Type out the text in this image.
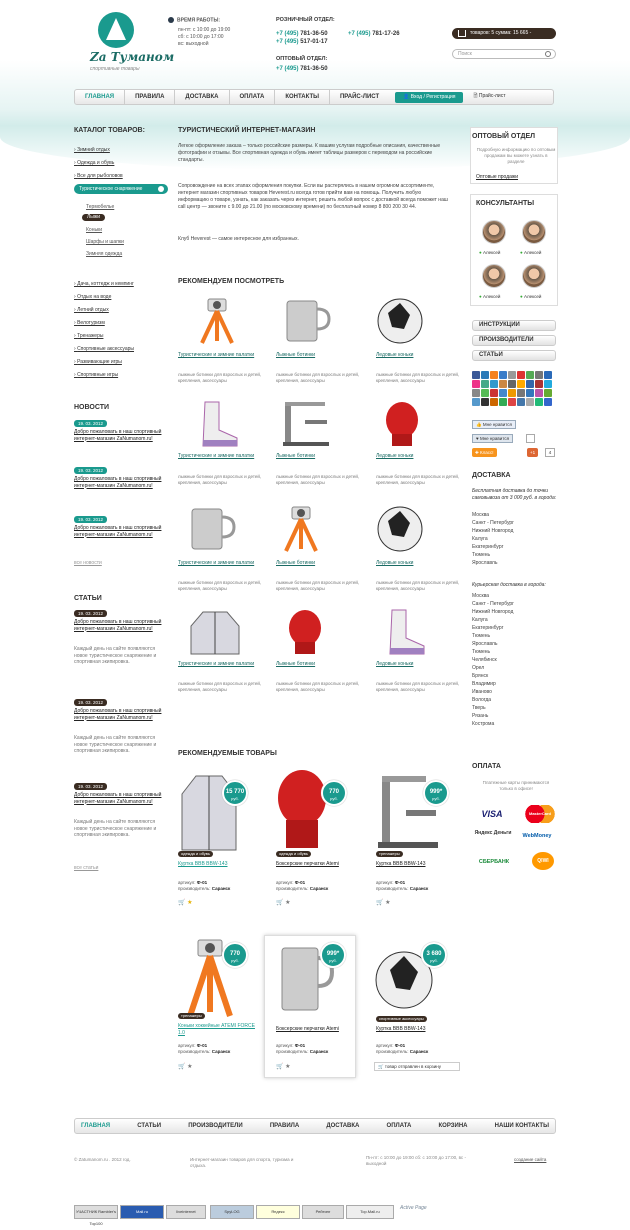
Za Туманом
спортивные товары
ВРЕМЯ РАБОТЫ:
пн-пт: с 10:00 до 19:00
сб: с 10:00 до 17:00
вс: выходной
РОЗНИЧНЫЙ ОТДЕЛ:
+7 (495) 781-36-50
+7 (495) 517-01-17
+7 (495) 781-17-26
ОПТОВЫЙ ОТДЕЛ:
+7 (495) 781-36-50
товаров: 5 сумма: 15 665 -
Поиск
ГЛАВНАЯ	ПРАВИЛА	ДОСТАВКА	ОПЛАТА	КОНТАКТЫ	ПРАЙС-ЛИСТ	👤 Вход / Регистрация	🗎 Прайс-лист
КАТАЛОГ ТОВАРОВ:
› Зимний отдых
› Одежда и обувь
› Все для рыболовов
Туристическое снаряжение
Термобелье
Лыжи
Коньки
Шарфы и шапки
Зимняя одежда
› Дача, коттедж и кемпинг
› Отдых на воде
› Летний отдых
› Велотуризм
› Тренажеры
› Спортивные аксессуары
› Развивающие игры
› Спортивные игры
НОВОСТИ
19. 03. 2012
Добро пожаловать в наш спортивный интернет-магазин ZaNumanom.ru!
19. 03. 2012
Добро пожаловать в наш спортивный интернет-магазин ZaNumanom.ru!
19. 03. 2012
Добро пожаловать в наш спортивный интернет-магазин ZaNumanom.ru!
все новости
СТАТЬИ
19. 03. 2012
Добро пожаловать в наш спортивный интернет-магазин ZaNumanom.ru!
Каждый день на сайте появляются новое туристическое снаряжение и спортивная экипировка.
19. 03. 2012
Добро пожаловать в наш спортивный интернет-магазин ZaNumanom.ru!
Каждый день на сайте появляются новое туристическое снаряжение и спортивная экипировка.
19. 03. 2012
Добро пожаловать в наш спортивный интернет-магазин ZaNumanom.ru!
Каждый день на сайте появляются новое туристическое снаряжение и спортивная экипировка.
все статьи
ТУРИСТИЧЕСКИЙ ИНТЕРНЕТ-МАГАЗИН
Легкое оформление заказа – только российские размеры. К вашим услугам подробные описания, качественные фотографии и отзывы. Все спортивная одежда и обувь имеет таблицы размеров с переводом на российские стандарты.
Сопровождение на всех этапах оформления покупки. Если вы растерялись в нашем огромном ассортименте, интернет магазин спортивных товаров Heverest.ru всегда готов прийти вам на помощь. Получить любую информацию о товаре, узнать, как заказать через интернет, решить любой вопрос с доставкой всегда поможет наш call центр — звоните с 9.00 до 21.00 (по московскому времени) по бесплатный номер 8 800 200 30 44.
Клуб Heverest — самое интересное для избранных.
РЕКОМЕНДУЕМ ПОСМОТРЕТЬ
Туристические и зимние палатки	Лыжные ботинки	Ледовые коньки
лыжные ботинки для взрослых и детей, крепления, аксессуары
лыжные ботинки для взрослых и детей, крепления, аксессуары
лыжные ботинки для взрослых и детей, крепления, аксессуары
Туристические и зимние палатки	Лыжные ботинки	Ледовые коньки
лыжные ботинки для взрослых и детей, крепления, аксессуары
лыжные ботинки для взрослых и детей, крепления, аксессуары
лыжные ботинки для взрослых и детей, крепления, аксессуары
Туристические и зимние палатки	Лыжные ботинки	Ледовые коньки
лыжные ботинки для взрослых и детей, крепления, аксессуары
лыжные ботинки для взрослых и детей, крепления, аксессуары
лыжные ботинки для взрослых и детей, крепления, аксессуары
Туристические и зимние палатки	Лыжные ботинки	Ледовые коньки
лыжные ботинки для взрослых и детей, крепления, аксессуары
лыжные ботинки для взрослых и детей, крепления, аксессуары
лыжные ботинки для взрослых и детей, крепления, аксессуары
РЕКОМЕНДУЕМЫЕ ТОВАРЫ
15 770
руб.
одежда и обувь
Куртка BBB BBW-143
артикул: Ф-01
производитель: Саранск
🛒 ★
770
руб.
одежда и обувь
Боксерские перчатки Atemi
артикул: Ф-01
производитель: Саранск
🛒 ★
999*
руб.
тренажеры
Куртка BBB BBW-143
артикул: Ф-01
производитель: Саранск
🛒 ★
770
руб.
тренажеры
Коньки хоккейные ATEMI FORCE 1.0
артикул: Ф-01
производитель: Саранск
🛒 ★
999*
руб.
Боксерские перчатки Atemi
артикул: Ф-01
производитель: Саранск
🛒 ★
3 680
руб.
спортивные аксессуары
Куртка BBB BBW-143
артикул: Ф-01
производитель: Саранск
🛒 товар отправлен в корзину
ОПТОВЫЙ ОТДЕЛ
Подробную информацию по оптовым продажам вы можете узнать в разделе
Оптовые продажи
КОНСУЛЬТАНТЫ
● Алексей	● Алексей
● Алексей	● Алексей
ИНСТРУКЦИИ
ПРОИЗВОДИТЕЛИ
СТАТЬИ
👍 Мне нравится
♥ Мне нравится
✚ Класс!	+1	4
ДОСТАВКА
Бесплатная доставка до точки самовывоза от 3 000 руб. в города:
Москва
Санкт - Петербург
Нижний Новгород
Калуга
Екатеринбург
Тюмень
Ярославль
Курьерская доставка в города:
Москва
Санкт - Петербург
Нижний Новгород
Калуга
Екатеринбург
Тюмень
Ярославль
Тюмень
Челябинск
Орел
Брянск
Владимир
Иваново
Вологда
Тверь
Рязань
Кострома
ОПЛАТА
Платежные карты принимаются только в офисе!
VISA	MasterCard
Яндекс Деньги	WebMoney
СБЕРБАНК	QIWI
ГЛАВНАЯ	СТАТЬИ	ПРОИЗВОДИТЕЛИ	ПРАВИЛА	ДОСТАВКА	ОПЛАТА	КОРЗИНА	НАШИ КОНТАКТЫ
© Zatumanom.ru . 2012 год.	Интернет-магазин товаров для спорта, туризма и отдыха.
Пн-пт: с 10:00 до 19:00 сб: с 10:00 до 17:00, вс - выходной
создание сайта
УЧАСТНИК Rambler's Top100
Mail.ru	liveinternet	SpyLOG	Яндекс	Рейтинг	Top.Mail.ru
Active Page
